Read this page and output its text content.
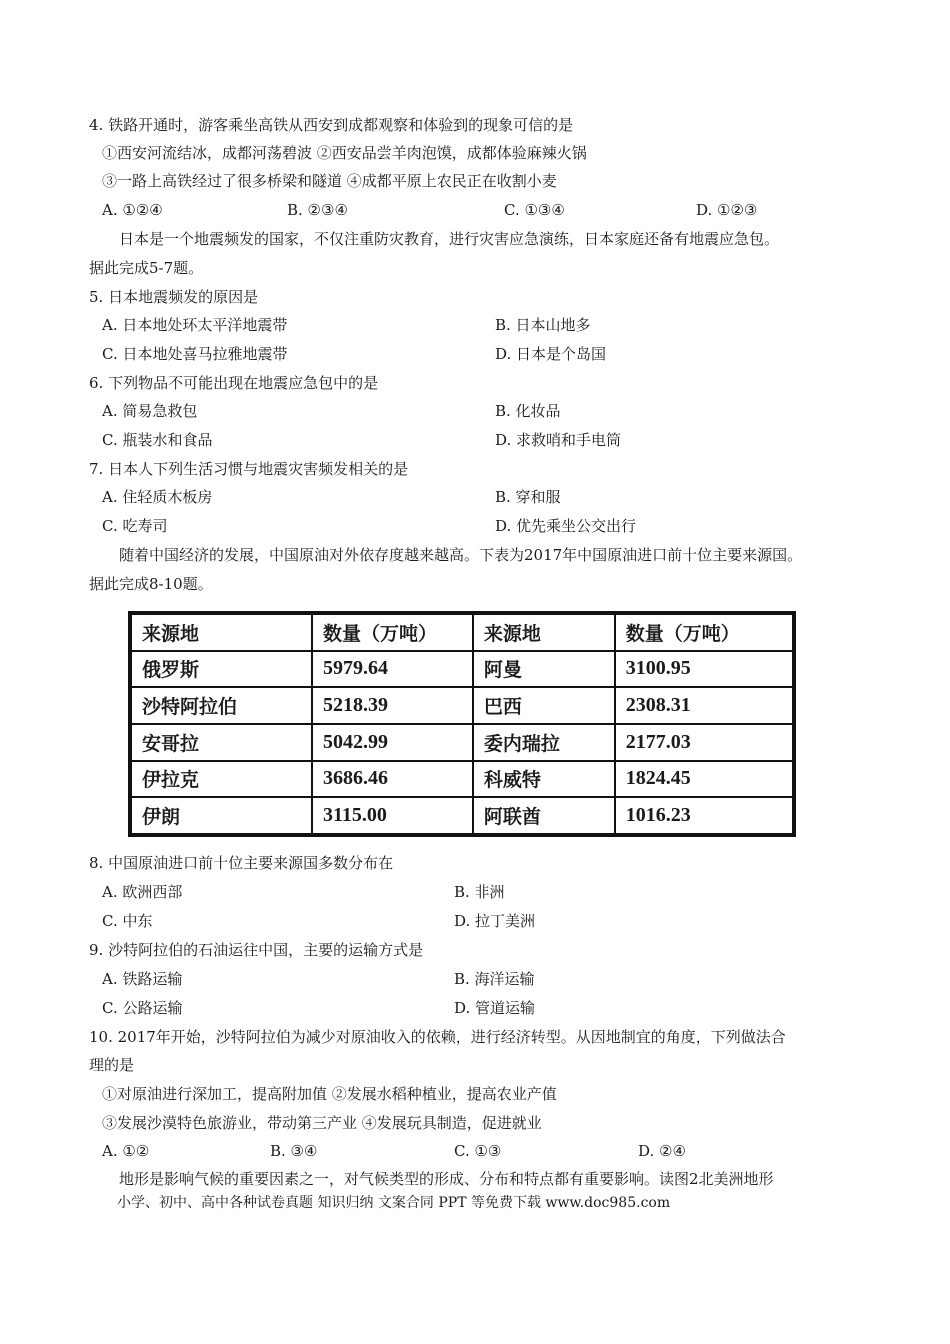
4. 铁路开通时，游客乘坐高铁从西安到成都观察和体验到的现象可信的是
①西安河流结冰，成都河荡碧波 ②西安品尝羊肉泡馍，成都体验麻辣火锅
③一路上高铁经过了很多桥梁和隧道 ④成都平原上农民正在收割小麦
A. ①②④	B. ②③④	C. ①③④	D. ①②③
日本是一个地震频发的国家，不仅注重防灾教育，进行灾害应急演练，日本家庭还备有地震应急包。
据此完成5-7题。
5. 日本地震频发的原因是
A. 日本地处环太平洋地震带	B. 日本山地多
C. 日本地处喜马拉雅地震带	D. 日本是个岛国
6. 下列物品不可能出现在地震应急包中的是
A. 简易急救包	B. 化妆品
C. 瓶装水和食品	D. 求救哨和手电筒
7. 日本人下列生活习惯与地震灾害频发相关的是
A. 住轻质木板房	B. 穿和服
C. 吃寿司	D. 优先乘坐公交出行
随着中国经济的发展，中国原油对外依存度越来越高。下表为2017年中国原油进口前十位主要来源国。
据此完成8-10题。
来源地	数量（万吨）	来源地	数量（万吨）
俄罗斯	5979.64	阿曼	3100.95
沙特阿拉伯	5218.39	巴西	2308.31
安哥拉	5042.99	委内瑞拉	2177.03
伊拉克	3686.46	科威特	1824.45
伊朗	3115.00	阿联酋	1016.23
8. 中国原油进口前十位主要来源国多数分布在
A. 欧洲西部	B. 非洲
C. 中东	D. 拉丁美洲
9. 沙特阿拉伯的石油运往中国，主要的运输方式是
A. 铁路运输	B. 海洋运输
C. 公路运输	D. 管道运输
10. 2017年开始，沙特阿拉伯为减少对原油收入的依赖，进行经济转型。从因地制宜的角度，下列做法合
理的是
①对原油进行深加工，提高附加值 ②发展水稻种植业，提高农业产值
③发展沙漠特色旅游业，带动第三产业 ④发展玩具制造，促进就业
A. ①②	B. ③④	C. ①③	D. ②④
地形是影响气候的重要因素之一，对气候类型的形成、分布和特点都有重要影响。读图2北美洲地形
小学、初中、高中各种试卷真题 知识归纳 文案合同 PPT 等免费下载 www.doc985.com
